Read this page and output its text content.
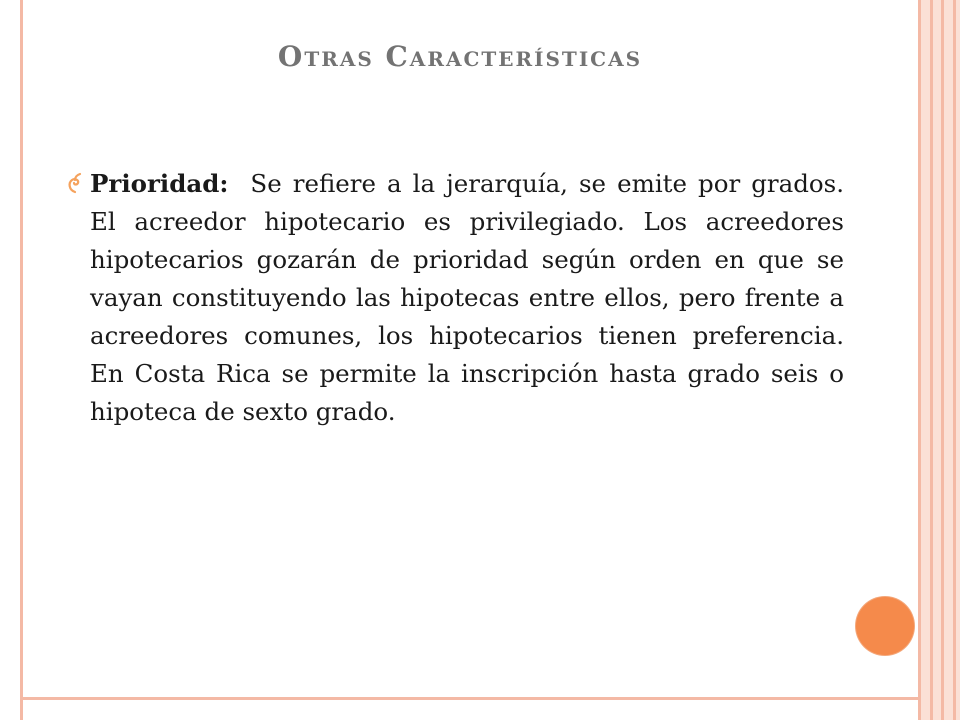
Otras Características
Prioridad:  Se refiere a la jerarquía, se emite por grados. El acreedor hipotecario es privilegiado. Los acreedores hipotecarios gozarán de prioridad según orden en que se vayan constituyendo las hipotecas entre ellos, pero frente a acreedores comunes, los hipotecarios tienen preferencia.  En Costa Rica se permite la inscripción hasta grado seis o hipoteca de sexto grado.
